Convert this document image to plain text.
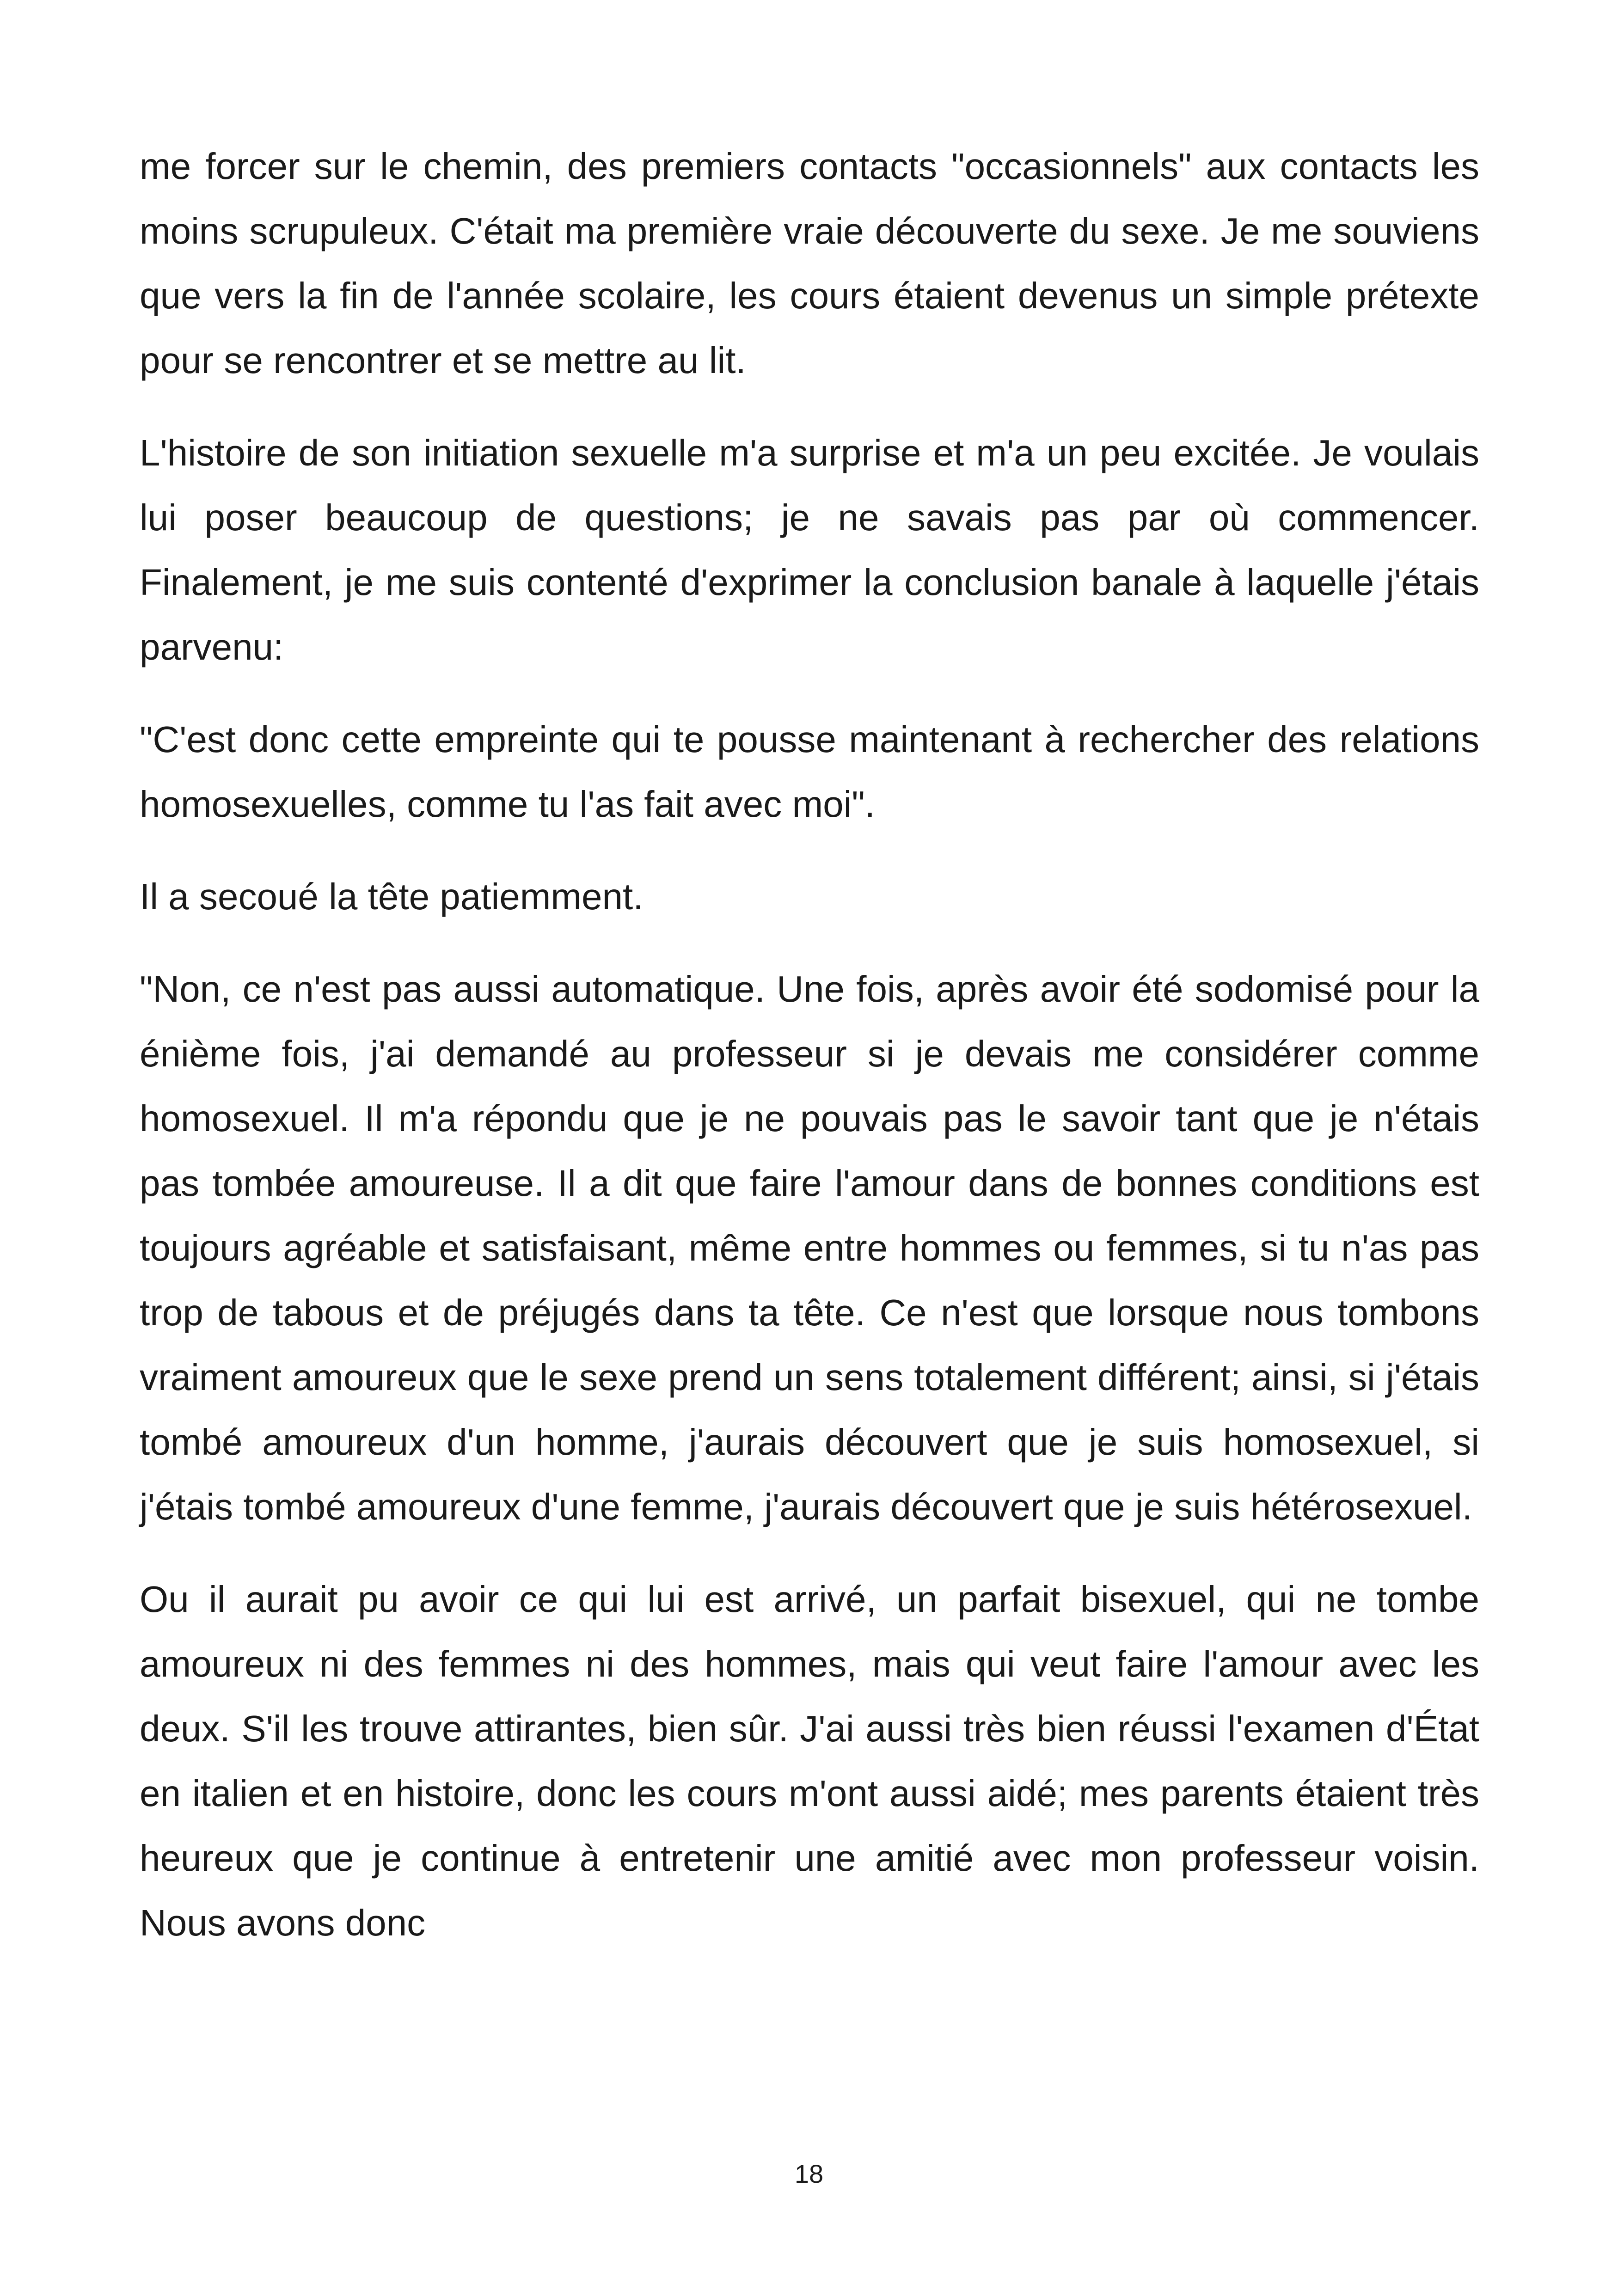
me forcer sur le chemin, des premiers contacts "occasionnels" aux contacts les moins scrupuleux. C'était ma première vraie découverte du sexe. Je me souviens que vers la fin de l'année scolaire, les cours étaient devenus un simple prétexte pour se rencontrer et se mettre au lit.

L'histoire de son initiation sexuelle m'a surprise et m'a un peu excitée. Je voulais lui poser beaucoup de questions; je ne savais pas par où commencer. Finalement, je me suis contenté d'exprimer la conclusion banale à laquelle j'étais parvenu:

"C'est donc cette empreinte qui te pousse maintenant à rechercher des relations homosexuelles, comme tu l'as fait avec moi".

Il a secoué la tête patiemment.

"Non, ce n'est pas aussi automatique. Une fois, après avoir été sodomisé pour la énième fois, j'ai demandé au professeur si je devais me considérer comme homosexuel. Il m'a répondu que je ne pouvais pas le savoir tant que je n'étais pas tombée amoureuse. Il a dit que faire l'amour dans de bonnes conditions est toujours agréable et satisfaisant, même entre hommes ou femmes, si tu n'as pas trop de tabous et de préjugés dans ta tête. Ce n'est que lorsque nous tombons vraiment amoureux que le sexe prend un sens totalement différent; ainsi, si j'étais tombé amoureux d'un homme, j'aurais découvert que je suis homosexuel, si j'étais tombé amoureux d'une femme, j'aurais découvert que je suis hétérosexuel.

Ou il aurait pu avoir ce qui lui est arrivé, un parfait bisexuel, qui ne tombe amoureux ni des femmes ni des hommes, mais qui veut faire l'amour avec les deux. S'il les trouve attirantes, bien sûr. J'ai aussi très bien réussi l'examen d'État en italien et en histoire, donc les cours m'ont aussi aidé; mes parents étaient très heureux que je continue à entretenir une amitié avec mon professeur voisin. Nous avons donc

18
